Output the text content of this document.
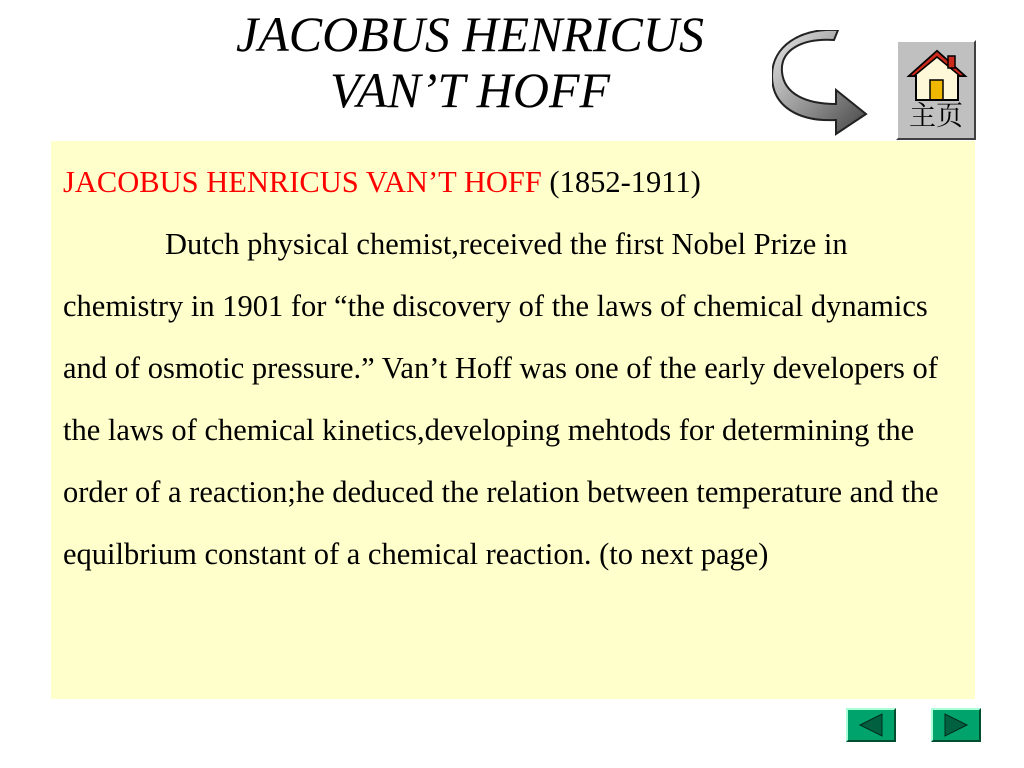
JACOBUS HENRICUS
VAN’T HOFF	主页

JACOBUS HENRICUS VAN’T HOFF (1852-1911)

Dutch physical chemist,received the first Nobel Prize in chemistry in 1901 for “the discovery of the laws of chemical dynamics and of osmotic pressure.” Van’t Hoff was one of the early developers of the laws of chemical kinetics,developing mehtods for determining the order of a reaction;he deduced the relation between temperature and the equilbrium constant of a chemical reaction. (to next page)
